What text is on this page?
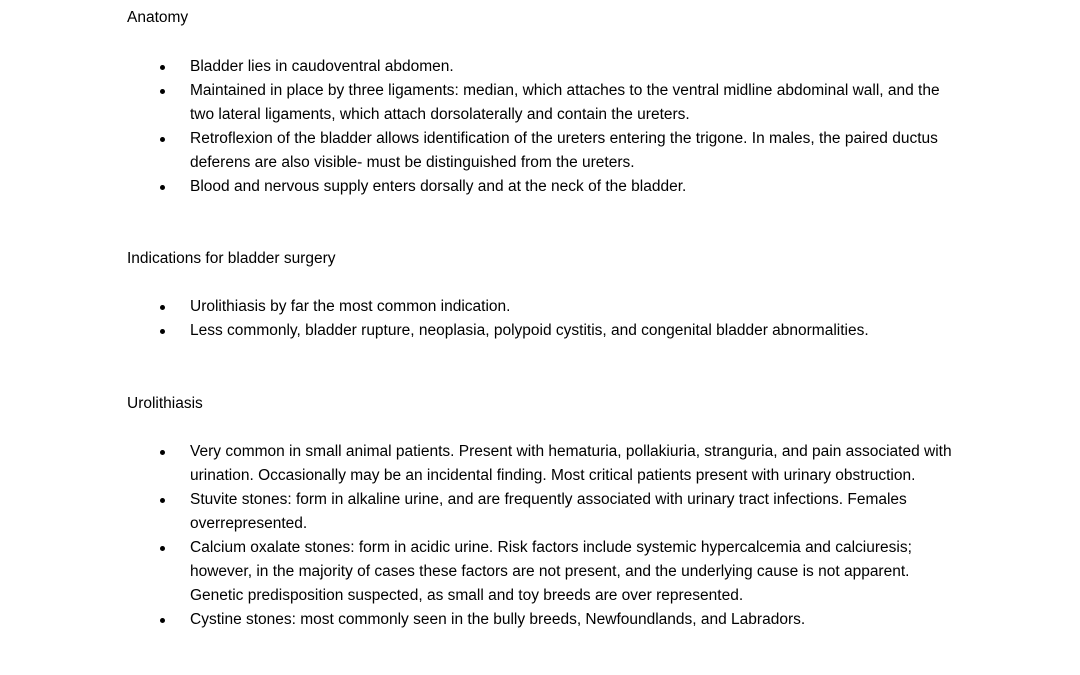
Anatomy
Bladder lies in caudoventral abdomen.
Maintained in place by three ligaments: median, which attaches to the ventral midline abdominal wall, and the two lateral ligaments, which attach dorsolaterally and contain the ureters.
Retroflexion of the bladder allows identification of the ureters entering the trigone. In males, the paired ductus deferens are also visible- must be distinguished from the ureters.
Blood and nervous supply enters dorsally and at the neck of the bladder.
Indications for bladder surgery
Urolithiasis by far the most common indication.
Less commonly, bladder rupture, neoplasia, polypoid cystitis, and congenital bladder abnormalities.
Urolithiasis
Very common in small animal patients. Present with hematuria, pollakiuria, stranguria, and pain associated with urination. Occasionally may be an incidental finding. Most critical patients present with urinary obstruction.
Stuvite stones: form in alkaline urine, and are frequently associated with urinary tract infections. Females overrepresented.
Calcium oxalate stones: form in acidic urine. Risk factors include systemic hypercalcemia and calciuresis; however, in the majority of cases these factors are not present, and the underlying cause is not apparent. Genetic predisposition suspected, as small and toy breeds are over represented.
Cystine stones: most commonly seen in the bully breeds, Newfoundlands, and Labradors.
